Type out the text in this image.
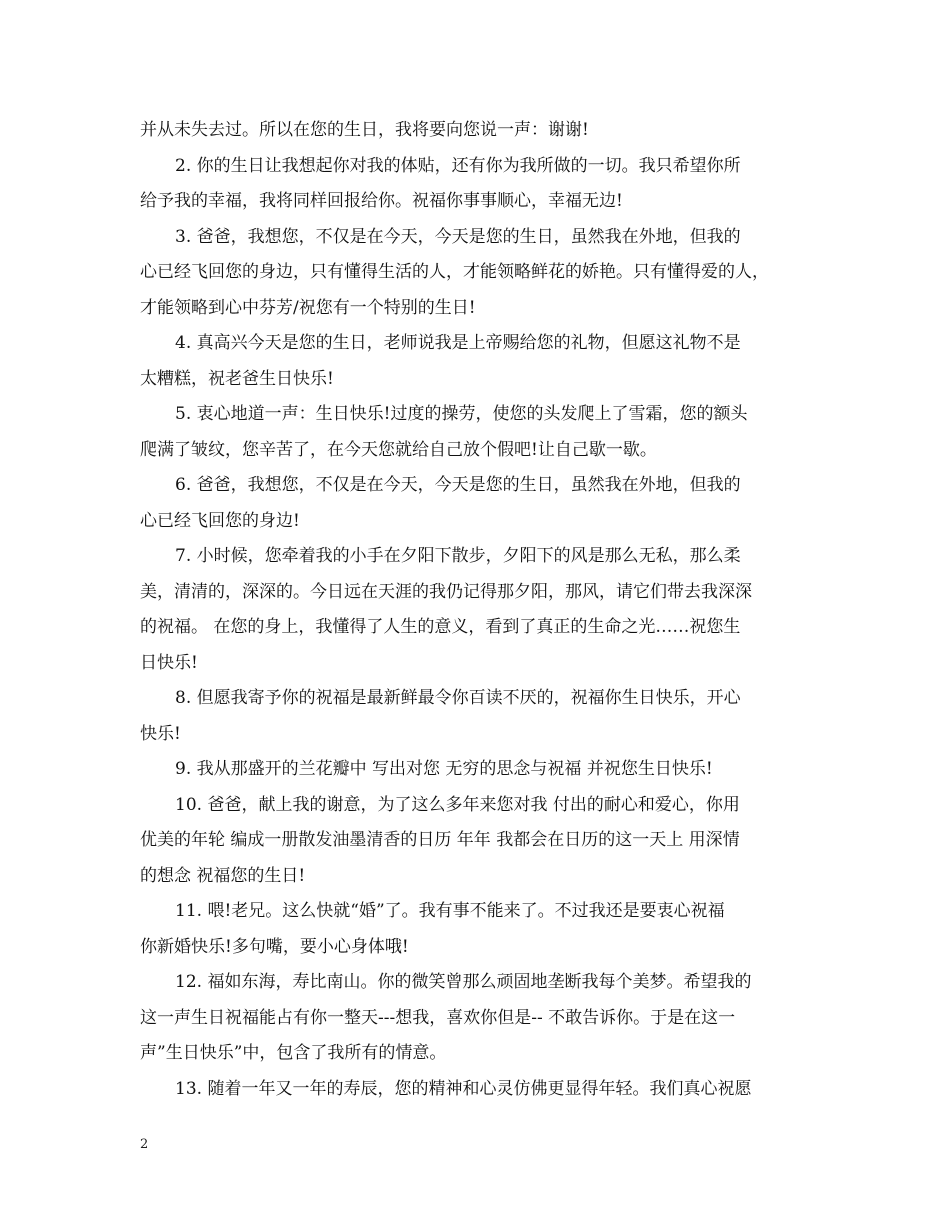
并从未失去过。所以在您的生日，我将要向您说一声：谢谢!
2. 你的生日让我想起你对我的体贴，还有你为我所做的一切。我只希望你所
给予我的幸福，我将同样回报给你。祝福你事事顺心，幸福无边!
3. 爸爸，我想您，不仅是在今天，今天是您的生日，虽然我在外地，但我的
心已经飞回您的身边，只有懂得生活的人，才能领略鲜花的娇艳。只有懂得爱的人，
才能领略到心中芬芳/祝您有一个特别的生日!
4. 真高兴今天是您的生日，老师说我是上帝赐给您的礼物，但愿这礼物不是
太糟糕，祝老爸生日快乐!
5. 衷心地道一声：生日快乐!过度的操劳，使您的头发爬上了雪霜，您的额头
爬满了皱纹，您辛苦了，在今天您就给自己放个假吧!让自己歇一歇。
6. 爸爸，我想您，不仅是在今天，今天是您的生日，虽然我在外地，但我的
心已经飞回您的身边!
7. 小时候，您牵着我的小手在夕阳下散步，夕阳下的风是那么无私，那么柔
美，清清的，深深的。今日远在天涯的我仍记得那夕阳，那风，请它们带去我深深
的祝福。 在您的身上，我懂得了人生的意义，看到了真正的生命之光……祝您生
日快乐!
8. 但愿我寄予你的祝福是最新鲜最令你百读不厌的，祝福你生日快乐，开心
快乐!
9. 我从那盛开的兰花瓣中 写出对您 无穷的思念与祝福 并祝您生日快乐!
10. 爸爸，献上我的谢意，为了这么多年来您对我 付出的耐心和爱心，你用
优美的年轮 编成一册散发油墨清香的日历 年年 我都会在日历的这一天上 用深情
的想念 祝福您的生日!
11. 喂!老兄。这么快就“婚”了。我有事不能来了。不过我还是要衷心祝福
你新婚快乐!多句嘴，要小心身体哦!
12. 福如东海，寿比南山。你的微笑曾那么顽固地垄断我每个美梦。希望我的
这一声生日祝福能占有你一整天---想我，喜欢你但是-- 不敢告诉你。于是在这一
声”生日快乐”中，包含了我所有的情意。
13. 随着一年又一年的寿辰，您的精神和心灵仿佛更显得年轻。我们真心祝愿
2
